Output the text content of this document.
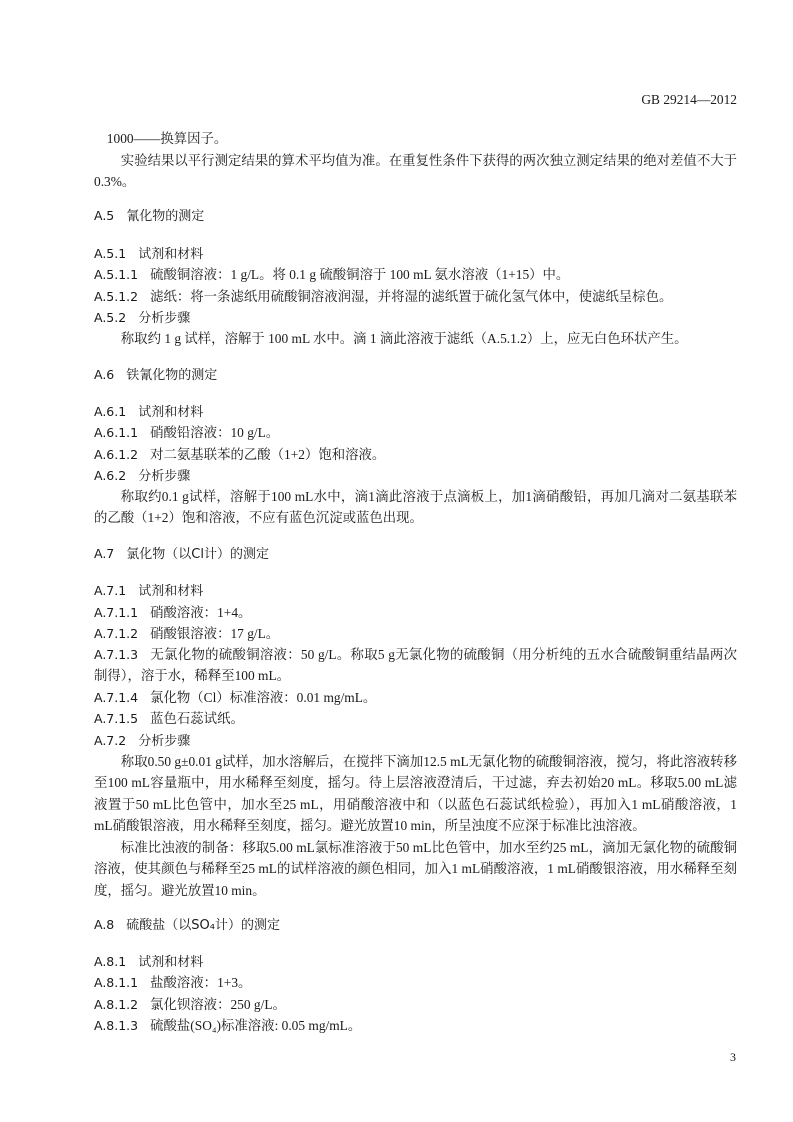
GB 29214—2012
1000——换算因子。
实验结果以平行测定结果的算术平均值为准。在重复性条件下获得的两次独立测定结果的绝对差值不大于 0.3%。
A.5 氰化物的测定
A.5.1 试剂和材料
A.5.1.1 硫酸铜溶液：1 g/L。将 0.1 g 硫酸铜溶于 100 mL 氨水溶液（1+15）中。
A.5.1.2 滤纸：将一条滤纸用硫酸铜溶液润湿，并将湿的滤纸置于硫化氢气体中，使滤纸呈棕色。
A.5.2 分析步骤
称取约 1 g 试样，溶解于 100 mL 水中。滴 1 滴此溶液于滤纸（A.5.1.2）上，应无白色环状产生。
A.6 铁氰化物的测定
A.6.1 试剂和材料
A.6.1.1 硝酸铅溶液：10 g/L。
A.6.1.2 对二氨基联苯的乙酸（1+2）饱和溶液。
A.6.2 分析步骤
称取约0.1 g试样，溶解于100 mL水中，滴1滴此溶液于点滴板上，加1滴硝酸铅，再加几滴对二氨基联苯的乙酸（1+2）饱和溶液，不应有蓝色沉淀或蓝色出现。
A.7 氯化物（以Cl计）的测定
A.7.1 试剂和材料
A.7.1.1 硝酸溶液：1+4。
A.7.1.2 硝酸银溶液：17 g/L。
A.7.1.3 无氯化物的硫酸铜溶液：50 g/L。称取5 g无氯化物的硫酸铜（用分析纯的五水合硫酸铜重结晶两次制得），溶于水，稀释至100 mL。
A.7.1.4 氯化物（Cl）标准溶液：0.01 mg/mL。
A.7.1.5 蓝色石蕊试纸。
A.7.2 分析步骤
称取0.50 g±0.01 g试样，加水溶解后，在搅拌下滴加12.5 mL无氯化物的硫酸铜溶液，搅匀，将此溶液转移至100 mL容量瓶中，用水稀释至刻度，摇匀。待上层溶液澄清后，干过滤，弃去初始20 mL。移取5.00 mL滤液置于50 mL比色管中，加水至25 mL，用硝酸溶液中和（以蓝色石蕊试纸检验），再加入1 mL硝酸溶液，1 mL硝酸银溶液，用水稀释至刻度，摇匀。避光放置10 min，所呈浊度不应深于标准比浊溶液。
标准比浊液的制备：移取5.00 mL氯标准溶液于50 mL比色管中，加水至约25 mL，滴加无氯化物的硫酸铜溶液，使其颜色与稀释至25 mL的试样溶液的颜色相同，加入1 mL硝酸溶液，1 mL硝酸银溶液，用水稀释至刻度，摇匀。避光放置10 min。
A.8 硫酸盐（以SO₄计）的测定
A.8.1 试剂和材料
A.8.1.1 盐酸溶液：1+3。
A.8.1.2 氯化钡溶液：250 g/L。
A.8.1.3 硫酸盐(SO₄)标准溶液: 0.05 mg/mL。
3
